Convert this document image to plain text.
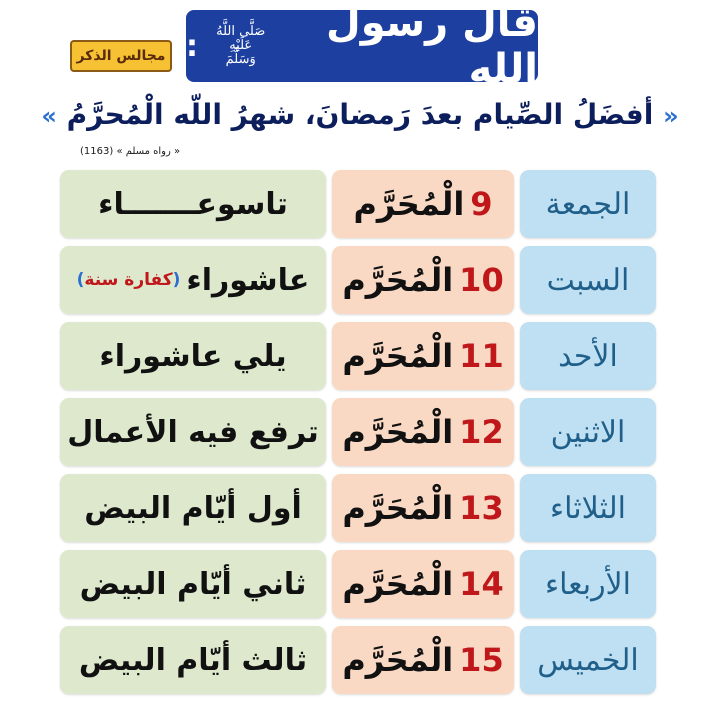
قال رسول الله
صَلَّى اللَّهُ
عَلَيْهِ وَسَلَّمَ
:
مجالس الذكر
« أفضَلُ الصِّيام بعدَ رَمضانَ، شهرُ اللّه الْمُحرَّمُ »
« رواه مسلم » (1163)
الجمعة
9
الْمُحَرَّم
تاسوعـــــــاء
السبت
10
الْمُحَرَّم
عاشوراء
(كفارة سنة)
الأحد
11
الْمُحَرَّم
يلي عاشوراء
الاثنين
12
الْمُحَرَّم
ترفع فيه الأعمال
الثلاثاء
13
الْمُحَرَّم
أول أيّام البيض
الأربعاء
14
الْمُحَرَّم
ثاني أيّام البيض
الخميس
15
الْمُحَرَّم
ثالث أيّام البيض
